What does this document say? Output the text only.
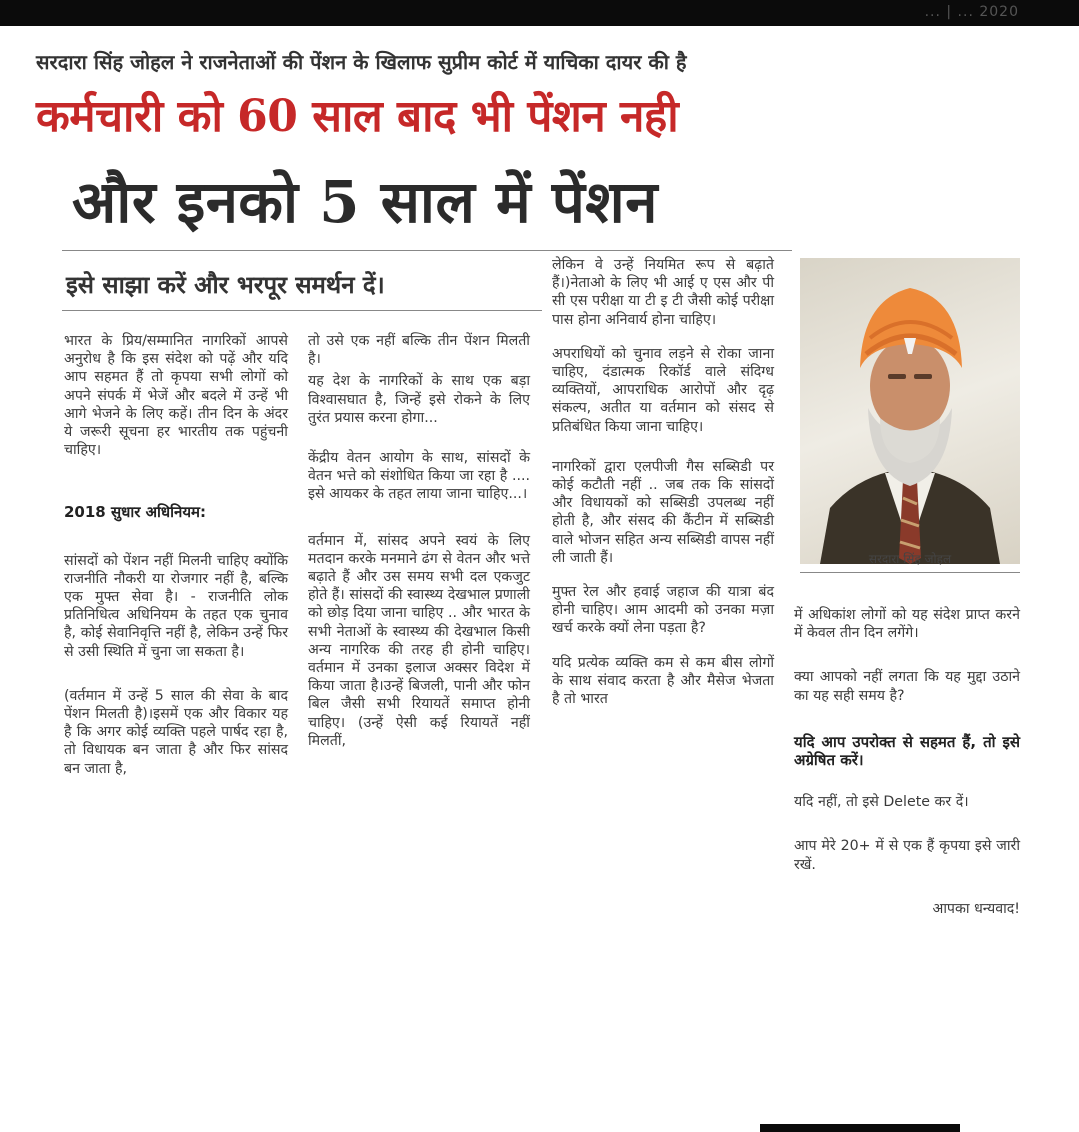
... | ... 2020
सरदारा सिंह जोहल ने राजनेताओं की पेंशन के खिलाफ सुप्रीम कोर्ट में याचिका दायर की है
कर्मचारी को 60 साल बाद भी पेंशन नही
और इनको 5 साल में पेंशन
इसे साझा करें और भरपूर समर्थन दें।

भारत के प्रिय/सम्मानित नागरिकों आपसे अनुरोध है कि इस संदेश को पढ़ें और यदि आप सहमत हैं तो कृपया सभी लोगों को अपने संपर्क में भेजें और बदले में उन्हें भी आगे भेजने के लिए कहें। तीन दिन के अंदर ये जरूरी सूचना हर भारतीय तक पहुंचनी चाहिए।

2018 सुधार अधिनियम:

सांसदों को पेंशन नहीं मिलनी चाहिए क्योंकि राजनीति नौकरी या रोजगार नहीं है, बल्कि एक मुफ्त सेवा है। - राजनीति लोक प्रतिनिधित्व अधिनियम के तहत एक चुनाव है, कोई सेवानिवृत्ति नहीं है, लेकिन उन्हें फिर से उसी स्थिति में चुना जा सकता है।

(वर्तमान में उन्हें 5 साल की सेवा के बाद पेंशन मिलती है)।इसमें एक और विकार यह है कि अगर कोई व्यक्ति पहले पार्षद रहा है, तो विधायक बन जाता है और फिर सांसद बन जाता है,

तो उसे एक नहीं बल्कि तीन पेंशन मिलती है।

यह देश के नागरिकों के साथ एक बड़ा विश्वासघात है, जिन्हें इसे रोकने के लिए तुरंत प्रयास करना होगा...

केंद्रीय वेतन आयोग के साथ, सांसदों के वेतन भत्ते को संशोधित किया जा रहा है .... इसे आयकर के तहत लाया जाना चाहिए...।

वर्तमान में, सांसद अपने स्वयं के लिए मतदान करके मनमाने ढंग से वेतन और भत्ते बढ़ाते हैं और उस समय सभी दल एकजुट होते हैं। सांसदों की स्वास्थ्य देखभाल प्रणाली को छोड़ दिया जाना चाहिए .. और भारत के सभी नेताओं के स्वास्थ्य की देखभाल किसी अन्य नागरिक की तरह ही होनी चाहिए। वर्तमान में उनका इलाज अक्सर विदेश में किया जाता है।उन्हें बिजली, पानी और फोन बिल जैसी सभी रियायतें समाप्त होनी चाहिए। (उन्हें ऐसी कई रियायतें नहीं मिलतीं,

लेकिन वे उन्हें नियमित रूप से बढ़ाते हैं।)नेताओ के लिए भी आई ए एस और पी सी एस परीक्षा या टी इ टी जैसी कोई परीक्षा पास होना अनिवार्य होना चाहिए।

अपराधियों को चुनाव लड़ने से रोका जाना चाहिए, दंडात्मक रिकॉर्ड वाले संदिग्ध व्यक्तियों, आपराधिक आरोपों और दृढ़ संकल्प, अतीत या वर्तमान को संसद से प्रतिबंधित किया जाना चाहिए।

नागरिकों द्वारा एलपीजी गैस सब्सिडी पर कोई कटौती नहीं .. जब तक कि सांसदों और विधायकों को सब्सिडी उपलब्ध नहीं होती है, और संसद की कैंटीन में सब्सिडी वाले भोजन सहित अन्य सब्सिडी वापस नहीं ली जाती हैं।

मुफ्त रेल और हवाई जहाज की यात्रा बंद होनी चाहिए। आम आदमी को उनका मज़ा खर्च करके क्यों लेना पड़ता है?

यदि प्रत्येक व्यक्ति कम से कम बीस लोगों के साथ संवाद करता है और मैसेज भेजता है तो भारत

सरदारा सिंह जोहल

में अधिकांश लोगों को यह संदेश प्राप्त करने में केवल तीन दिन लगेंगे।

क्या आपको नहीं लगता कि यह मुद्दा उठाने का यह सही समय है?

यदि आप उपरोक्त से सहमत हैं, तो इसे अग्रेषित करें।

यदि नहीं, तो इसे Delete कर दें।

आप मेरे 20+ में से एक हैं कृपया इसे जारी रखें.

आपका धन्यवाद!
